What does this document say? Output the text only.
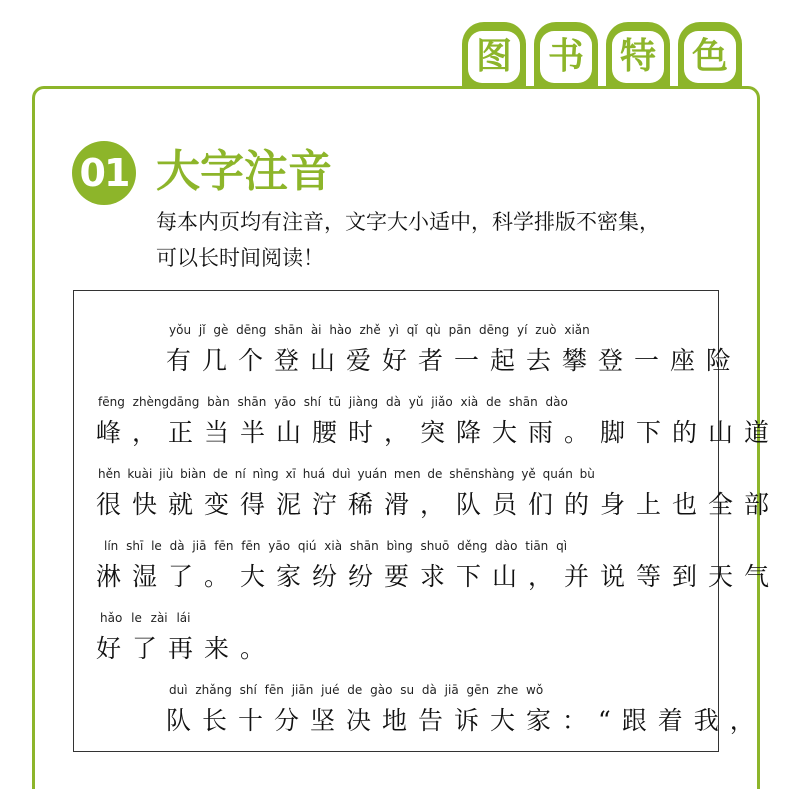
图 书 特 色
01 大字注音
每本内页均有注音，文字大小适中，科学排版不密集，
可以长时间阅读！
yǒu jǐ gè dēng shān ài hào zhě yì qǐ qù pān dēng yí zuò xiǎn
有几个登山爱好者一起去攀登一座险
fēng zhèngdāng bàn shān yāo shí tū jiàng dà yǔ jiǎo xià de shān dào
峰，正当半山腰时，突降大雨。脚下的山道
hěn kuài jiù biàn de ní nìng xī huá duì yuán men de shēnshàng yě quán bù
很快就变得泥泞稀滑，队员们的身上也全部
lín shī le dà jiā fēn fēn yāo qiú xià shān bìng shuō děng dào tiān qì
淋湿了。大家纷纷要求下山，并说等到天气
hǎo le zài lái
好了再来。
duì zhǎng shí fēn jiān jué de gào su dà jiā gēn zhe wǒ
队长十分坚决地告诉大家：“跟着我，
